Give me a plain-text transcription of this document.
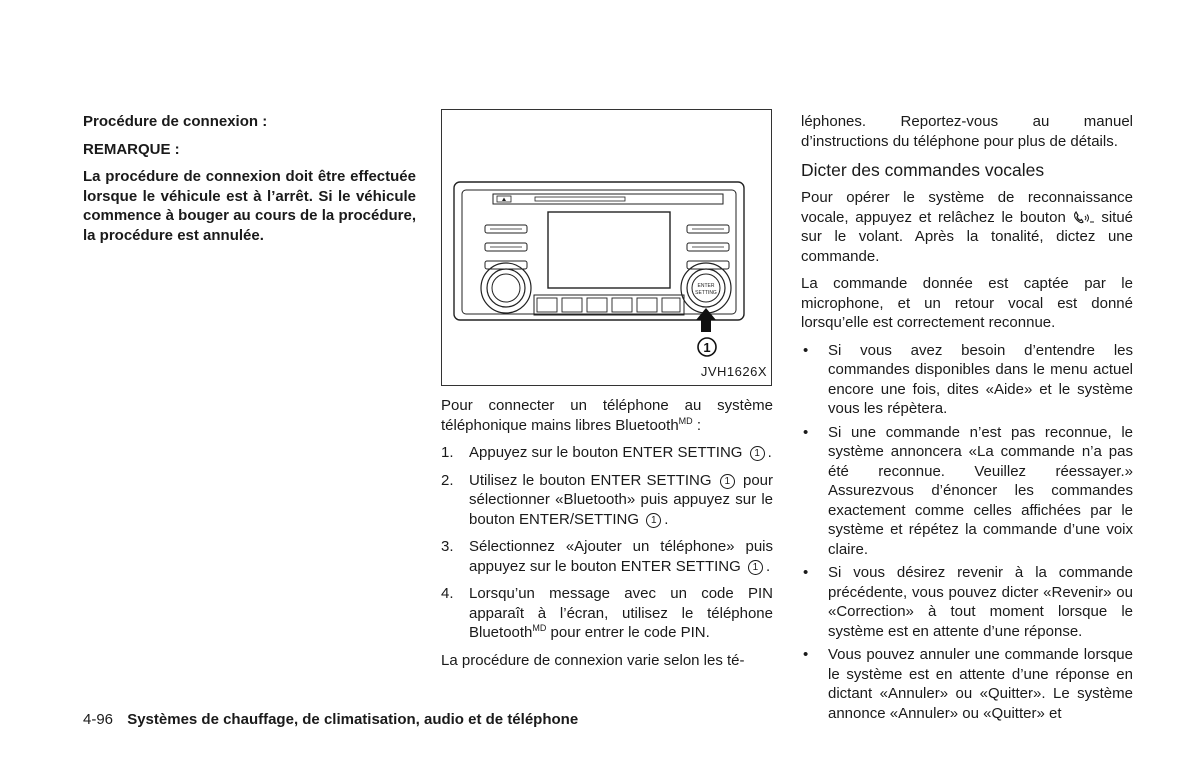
Procédure de connexion :

REMARQUE :

La procédure de connexion doit être effectuée lorsque le véhicule est à l’arrêt. Si le véhicule commence à bouger au cours de la procédure, la procédure est annulée.

ENTER
SETTING
1
JVH1626X

Pour connecter un téléphone au système téléphonique mains libres Bluetooth$^{MD}$ :

1. Appuyez sur le bouton ENTER SETTING 1 .
2. Utilisez le bouton ENTER SETTING 1 pour sélectionner «Bluetooth» puis appuyez sur le bouton ENTER/SETTING 1 .
3. Sélectionnez «Ajouter un téléphone» puis appuyez sur le bouton ENTER SETTING 1 .
4. Lorsqu’un message avec un code PIN apparaît à l’écran, utilisez le téléphone Bluetooth$^{MD}$ pour entrer le code PIN.

La procédure de connexion varie selon les té-

léphones. Reportez-vous au manuel d’instructions du téléphone pour plus de détails.

Dicter des commandes vocales

Pour opérer le système de reconnaissance vocale, appuyez et relâchez le bouton situé sur le volant. Après la tonalité, dictez une commande.

La commande donnée est captée par le microphone, et un retour vocal est donné lorsqu’elle est correctement reconnue.

• Si vous avez besoin d’entendre les commandes disponibles dans le menu actuel encore une fois, dites «Aide» et le système vous les répètera.
• Si une commande n’est pas reconnue, le système annoncera «La commande n’a pas été reconnue. Veuillez réessayer.» Assurezvous d’énoncer les commandes exactement comme celles affichées par le système et répétez la commande d’une voix claire.
• Si vous désirez revenir à la commande précédente, vous pouvez dicter «Revenir» ou «Correction» à tout moment lorsque le système est en attente d’une réponse.
• Vous pouvez annuler une commande lorsque le système est en attente d’une réponse en dictant «Annuler» ou «Quitter». Le système annonce «Annuler» ou «Quitter» et
4-96 Systèmes de chauffage, de climatisation, audio et de téléphone
